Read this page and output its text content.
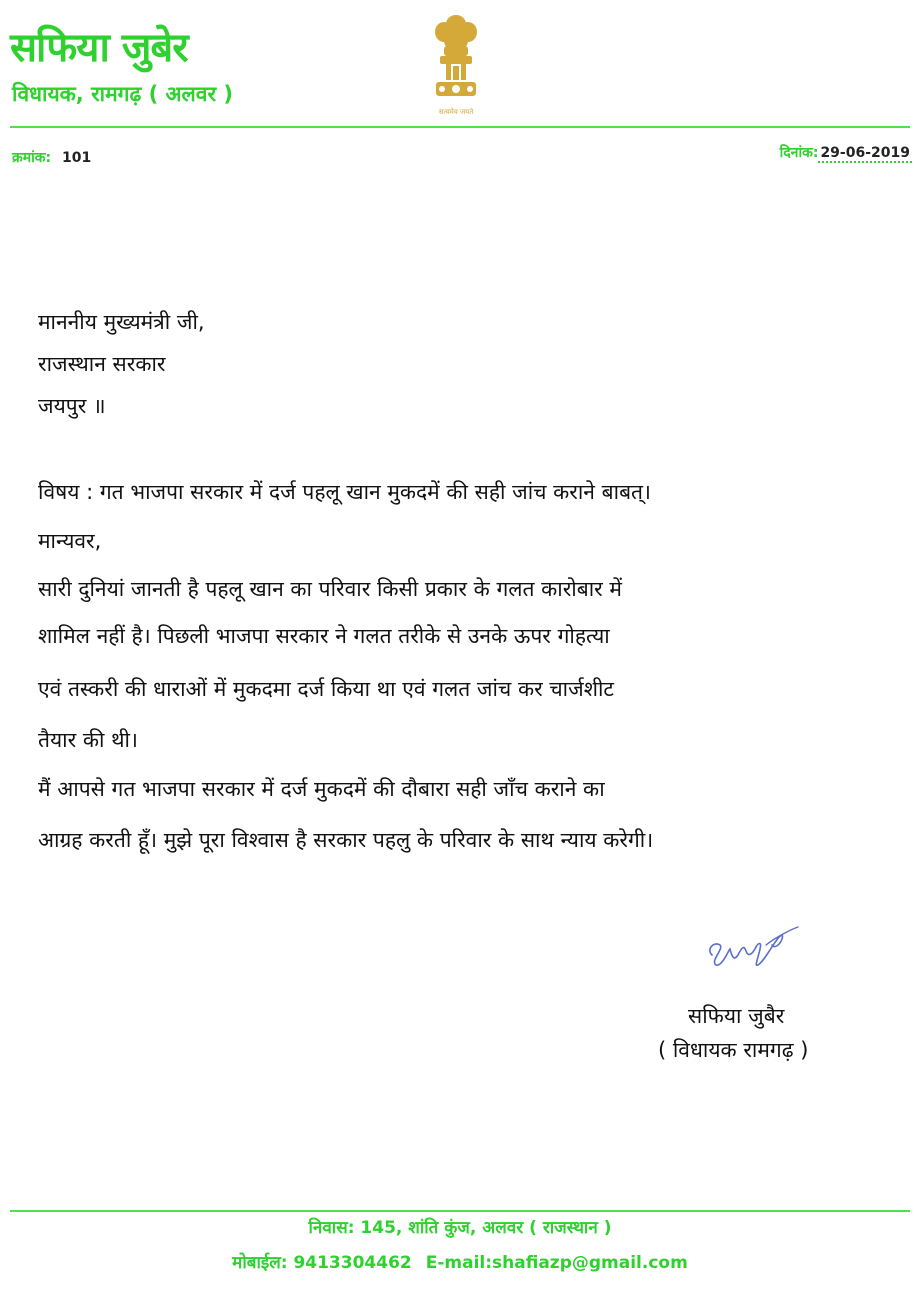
सफिया जुबेर
विधायक, रामगढ़ ( अलवर )
सत्यमेव जयते
क्रमांक: 101	दिनांक: 29-06-2019
माननीय मुख्यमंत्री जी,
राजस्थान सरकार
जयपुर ॥
विषय : गत भाजपा सरकार में दर्ज पहलू खान मुकदमें की सही जांच कराने बाबत्।
मान्यवर,
सारी दुनियां जानती है पहलू खान का परिवार किसी प्रकार के गलत कारोबार में
शामिल नहीं है। पिछली भाजपा सरकार ने गलत तरीके से उनके ऊपर गोहत्या
एवं तस्करी की धाराओं में मुकदमा दर्ज किया था एवं गलत जांच कर चार्जशीट
तैयार की थी।
मैं आपसे गत भाजपा सरकार में दर्ज मुकदमें की दौबारा सही जाँच कराने का
आग्रह करती हूँ। मुझे पूरा विश्वास है सरकार पहलु के परिवार के साथ न्याय करेगी।
सफिया जुबैर
( विधायक रामगढ़ )
निवास: 145, शांति कुंज, अलवर ( राजस्थान )
मोबाईल: 9413304462 E-mail:shafiazp@gmail.com
